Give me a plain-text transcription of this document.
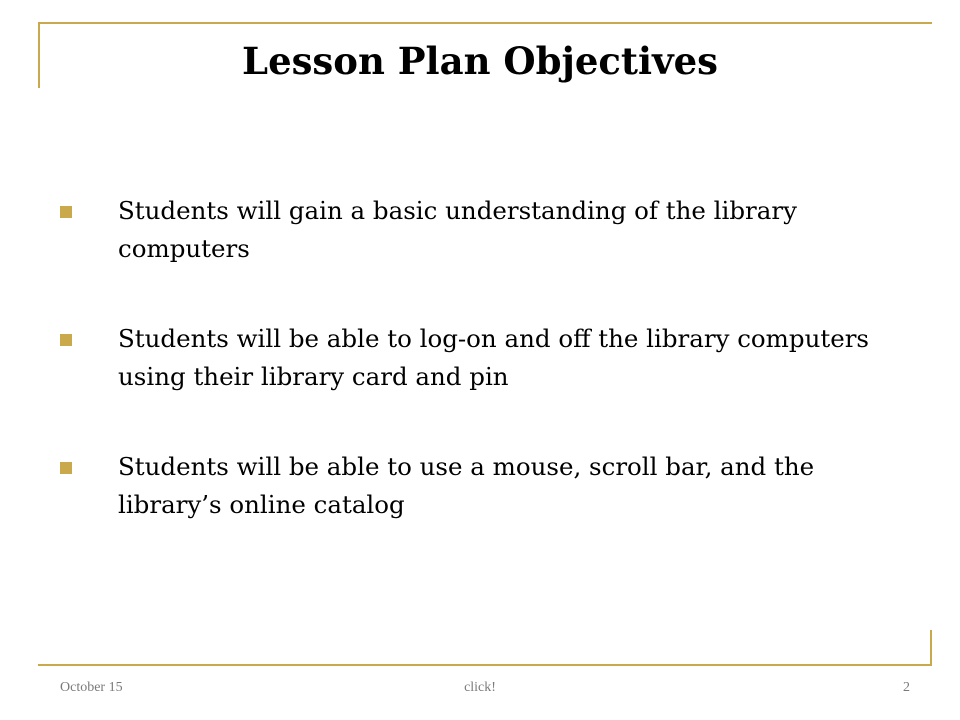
Lesson Plan Objectives
Students will gain a basic understanding of the library computers
Students will be able to log-on and off the library computers using their library card and pin
Students will be able to use a mouse, scroll bar, and the library’s online catalog
October 15	click!	2
